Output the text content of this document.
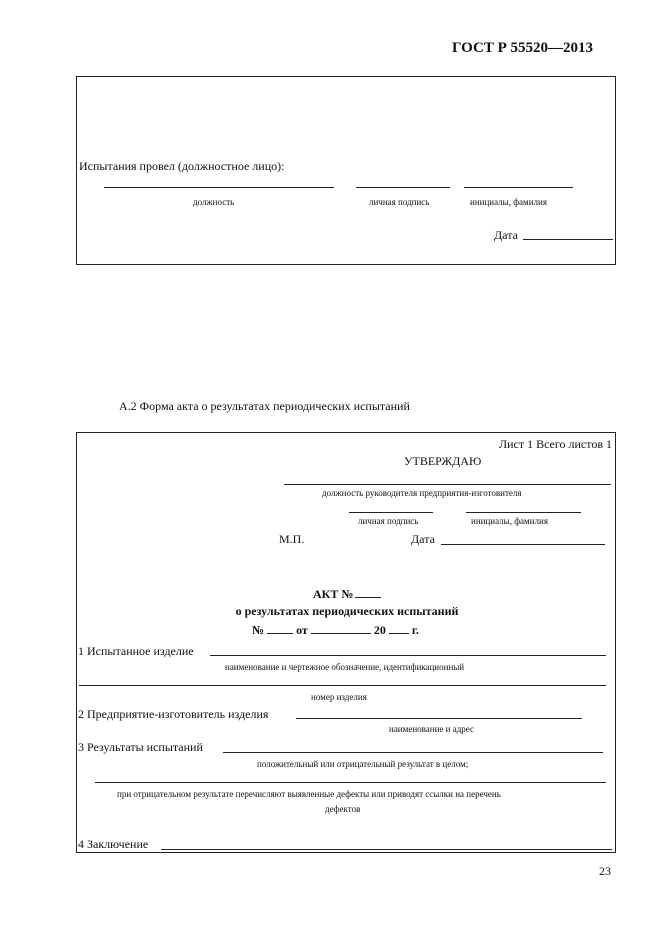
ГОСТ Р 55520—2013
Испытания провел (должностное лицо):
должность	личная подпись	инициалы, фамилия
Дата
А.2 Форма акта о результатах периодических испытаний
Лист 1 Всего листов 1
УТВЕРЖДАЮ
должность руководителя предприятия-изготовителя
личная подпись	инициалы, фамилия
М.П.	Дата
АКТ №
о результатах периодических испытаний
№	от	20 г.
1 Испытанное изделие
наименование и чертежное обозначение, идентификационный
номер изделия
2 Предприятие-изготовитель изделия
наименование и адрес
3 Результаты испытаний
положительный или отрицательный результат в целом;
при отрицательном результате перечисляют выявленные дефекты или приводят ссылки на перечень
дефектов
4 Заключение
23
